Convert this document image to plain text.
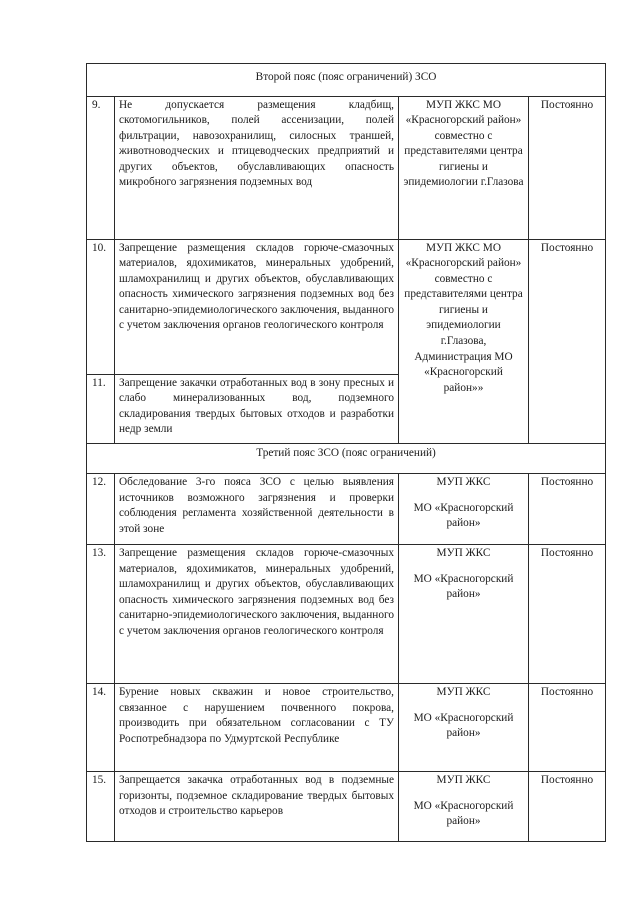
Второй пояс (пояс ограничений) ЗСО			
9.	Не допускается размещения кладбищ, скотомогильников, полей ассенизации, полей фильтрации, навозохранилищ, силосных траншей, животноводческих и птицеводческих предприятий и других объектов, обуславливающих опасность микробного загрязнения подземных вод	МУП ЖКС МО «Красногорский район» совместно с представителями центра гигиены и эпидемиологии г.Глазова	Постоянно
10.	Запрещение размещения складов горюче-смазочных материалов, ядохимикатов, минеральных удобрений, шламохранилищ и других объектов, обуславливающих опасность химического загрязнения подземных вод без санитарно-эпидемиологического заключения, выданного с учетом заключения органов геологического контроля	МУП ЖКС МО «Красногорский район» совместно с представителями центра гигиены и эпидемиологии г.Глазова, Администрация МО «Красногорский район»»	Постоянно
11.	Запрещение закачки отработанных вод в зону пресных и слабо минерализованных вод, подземного складирования твердых бытовых отходов и разработки недр земли		
Третий пояс ЗСО (пояс ограничений)			
12.	Обследование 3-го пояса ЗСО с целью выявления источников возможного загрязнения и проверки соблюдения регламента хозяйственной деятельности в этой зоне	МУП ЖКС
МО «Красногорский район»	Постоянно
13.	Запрещение размещения складов горюче-смазочных материалов, ядохимикатов, минеральных удобрений, шламохранилищ и других объектов, обуславливающих опасность химического загрязнения подземных вод без санитарно-эпидемиологического заключения, выданного с учетом заключения органов геологического контроля	МУП ЖКС
МО «Красногорский район»	Постоянно
14.	Бурение новых скважин и новое строительство, связанное с нарушением почвенного покрова, производить при обязательном согласовании с ТУ Роспотребнадзора по Удмуртской Республике	МУП ЖКС
МО «Красногорский район»	Постоянно
15.	Запрещается закачка отработанных вод в подземные горизонты, подземное складирование твердых бытовых отходов и строительство карьеров	МУП ЖКС
МО «Красногорский район»	Постоянно
